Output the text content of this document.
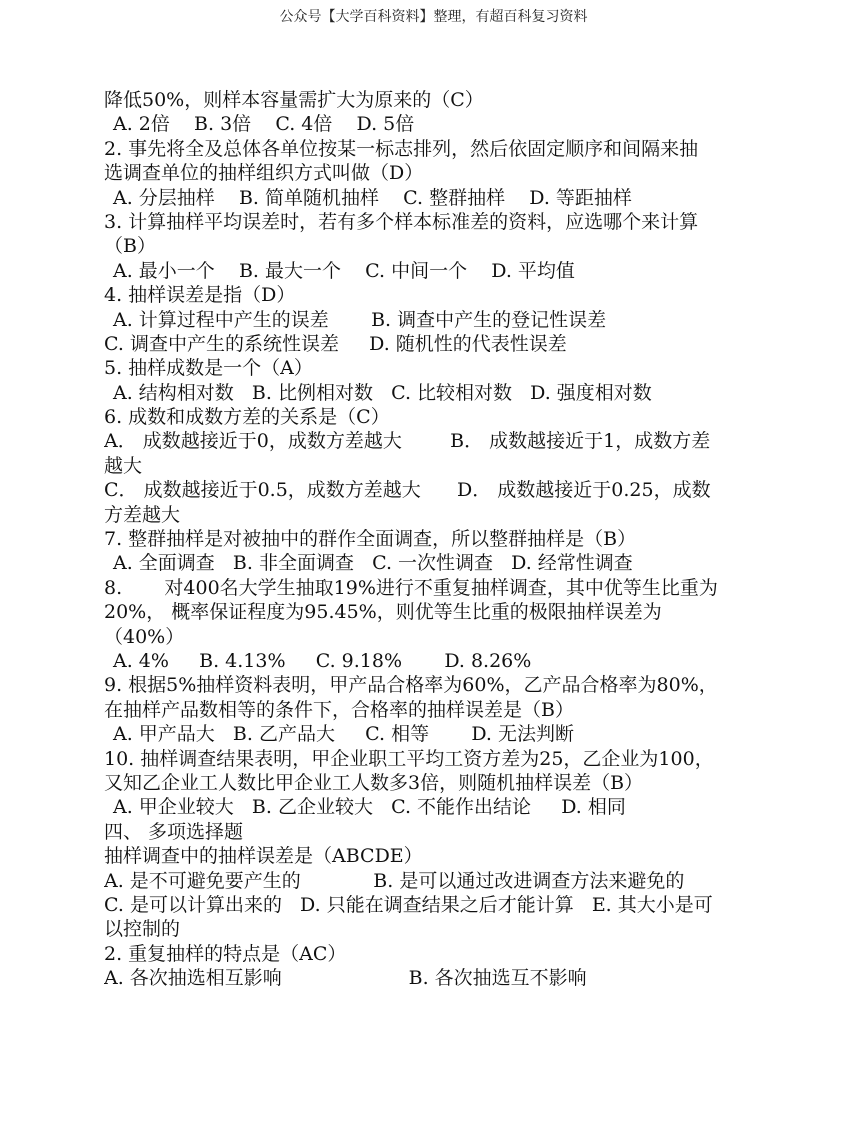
公众号【大学百科资料】整理，有超百科复习资料
降低50%，则样本容量需扩大为原来的（C）
A. 2倍    B. 3倍    C. 4倍    D. 5倍
2. 事先将全及总体各单位按某一标志排列，然后依固定顺序和间隔来抽
选调查单位的抽样组织方式叫做（D）
A. 分层抽样    B. 简单随机抽样    C. 整群抽样    D. 等距抽样
3. 计算抽样平均误差时，若有多个样本标准差的资料，应选哪个来计算
（B）
A. 最小一个    B. 最大一个    C. 中间一个    D. 平均值
4. 抽样误差是指（D）
A. 计算过程中产生的误差       B. 调查中产生的登记性误差
C. 调查中产生的系统性误差     D. 随机性的代表性误差
5. 抽样成数是一个（A）
A. 结构相对数   B. 比例相对数   C. 比较相对数   D. 强度相对数
6. 成数和成数方差的关系是（C）
A． 成数越接近于0，成数方差越大        B． 成数越接近于1，成数方差
越大
C． 成数越接近于0.5，成数方差越大      D． 成数越接近于0.25，成数
方差越大
7. 整群抽样是对被抽中的群作全面调查，所以整群抽样是（B）
A. 全面调查   B. 非全面调查   C. 一次性调查   D. 经常性调查
8.       对400名大学生抽取19%进行不重复抽样调查，其中优等生比重为
20%， 概率保证程度为95.45%，则优等生比重的极限抽样误差为
（40%）
A. 4%     B. 4.13%     C. 9.18%       D. 8.26%
9. 根据5%抽样资料表明，甲产品合格率为60%，乙产品合格率为80%，
在抽样产品数相等的条件下，合格率的抽样误差是（B）
A. 甲产品大   B. 乙产品大     C. 相等       D. 无法判断
10. 抽样调查结果表明，甲企业职工平均工资方差为25，乙企业为100，
又知乙企业工人数比甲企业工人数多3倍，则随机抽样误差（B）
A. 甲企业较大   B. 乙企业较大   C. 不能作出结论     D. 相同
四、 多项选择题
抽样调查中的抽样误差是（ABCDE）
A. 是不可避免要产生的            B. 是可以通过改进调查方法来避免的
C. 是可以计算出来的   D. 只能在调查结果之后才能计算   E. 其大小是可
以控制的
2. 重复抽样的特点是（AC）
A. 各次抽选相互影响                     B. 各次抽选互不影响
